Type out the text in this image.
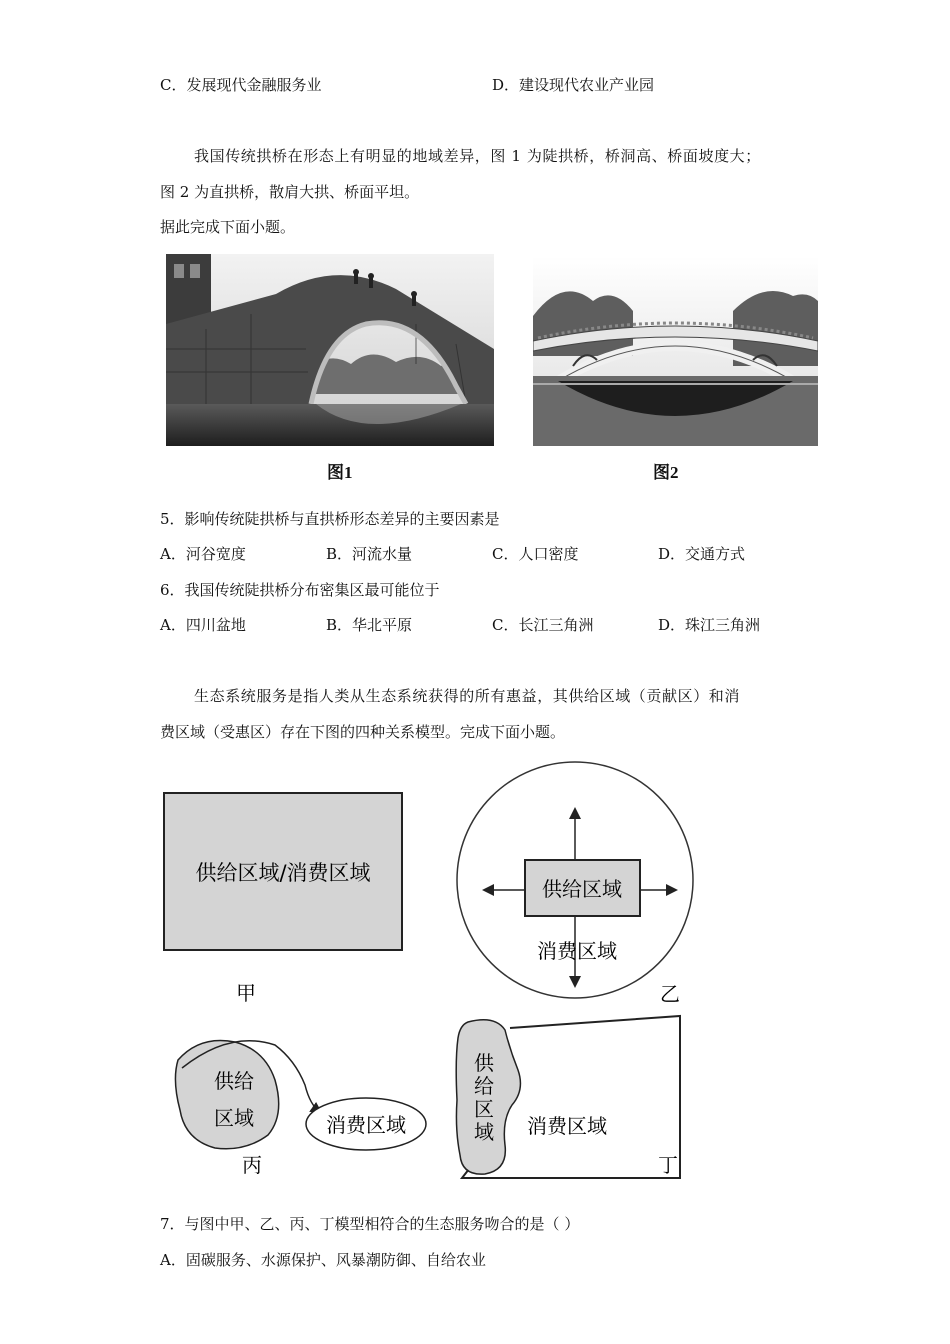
C．发展现代金融服务业	D．建设现代农业产业园
我国传统拱桥在形态上有明显的地域差异，图 1 为陡拱桥，桥洞高、桥面坡度大；
图 2 为直拱桥，散肩大拱、桥面平坦。
据此完成下面小题。
图1	图2
5．影响传统陡拱桥与直拱桥形态差异的主要因素是
A．河谷宽度	B．河流水量	C．人口密度	D．交通方式
6．我国传统陡拱桥分布密集区最可能位于
A．四川盆地	B．华北平原	C．长江三角洲	D．珠江三角洲
生态系统服务是指人类从生态系统获得的所有惠益，其供给区域（贡献区）和消
费区域（受惠区）存在下图的四种关系模型。完成下面小题。
供给区域/消费区域
甲
供给区域
消费区域
乙
供给
区域	消费区域
丙
供
给
区
域 消费区域
丁
7．与图中甲、乙、丙、丁模型相符合的生态服务吻合的是（ ）
A．固碳服务、水源保护、风暴潮防御、自给农业
